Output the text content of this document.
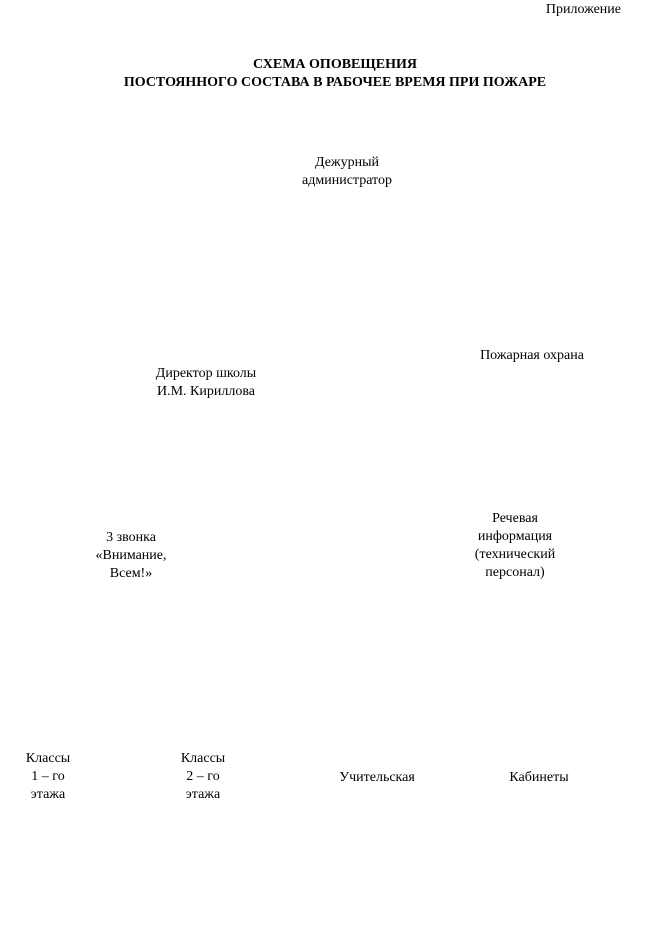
Приложение
СХЕМА ОПОВЕЩЕНИЯ
ПОСТОЯННОГО СОСТАВА В РАБОЧЕЕ ВРЕМЯ ПРИ ПОЖАРЕ
Дежурный
администратор
Пожарная охрана
Директор школы
И.М. Кириллова
3 звонка
«Внимание,
Всем!»
Речевая
информация
(технический
персонал)
Классы
1 – го
этажа
Классы
2 – го
этажа
Учительская	Кабинеты
